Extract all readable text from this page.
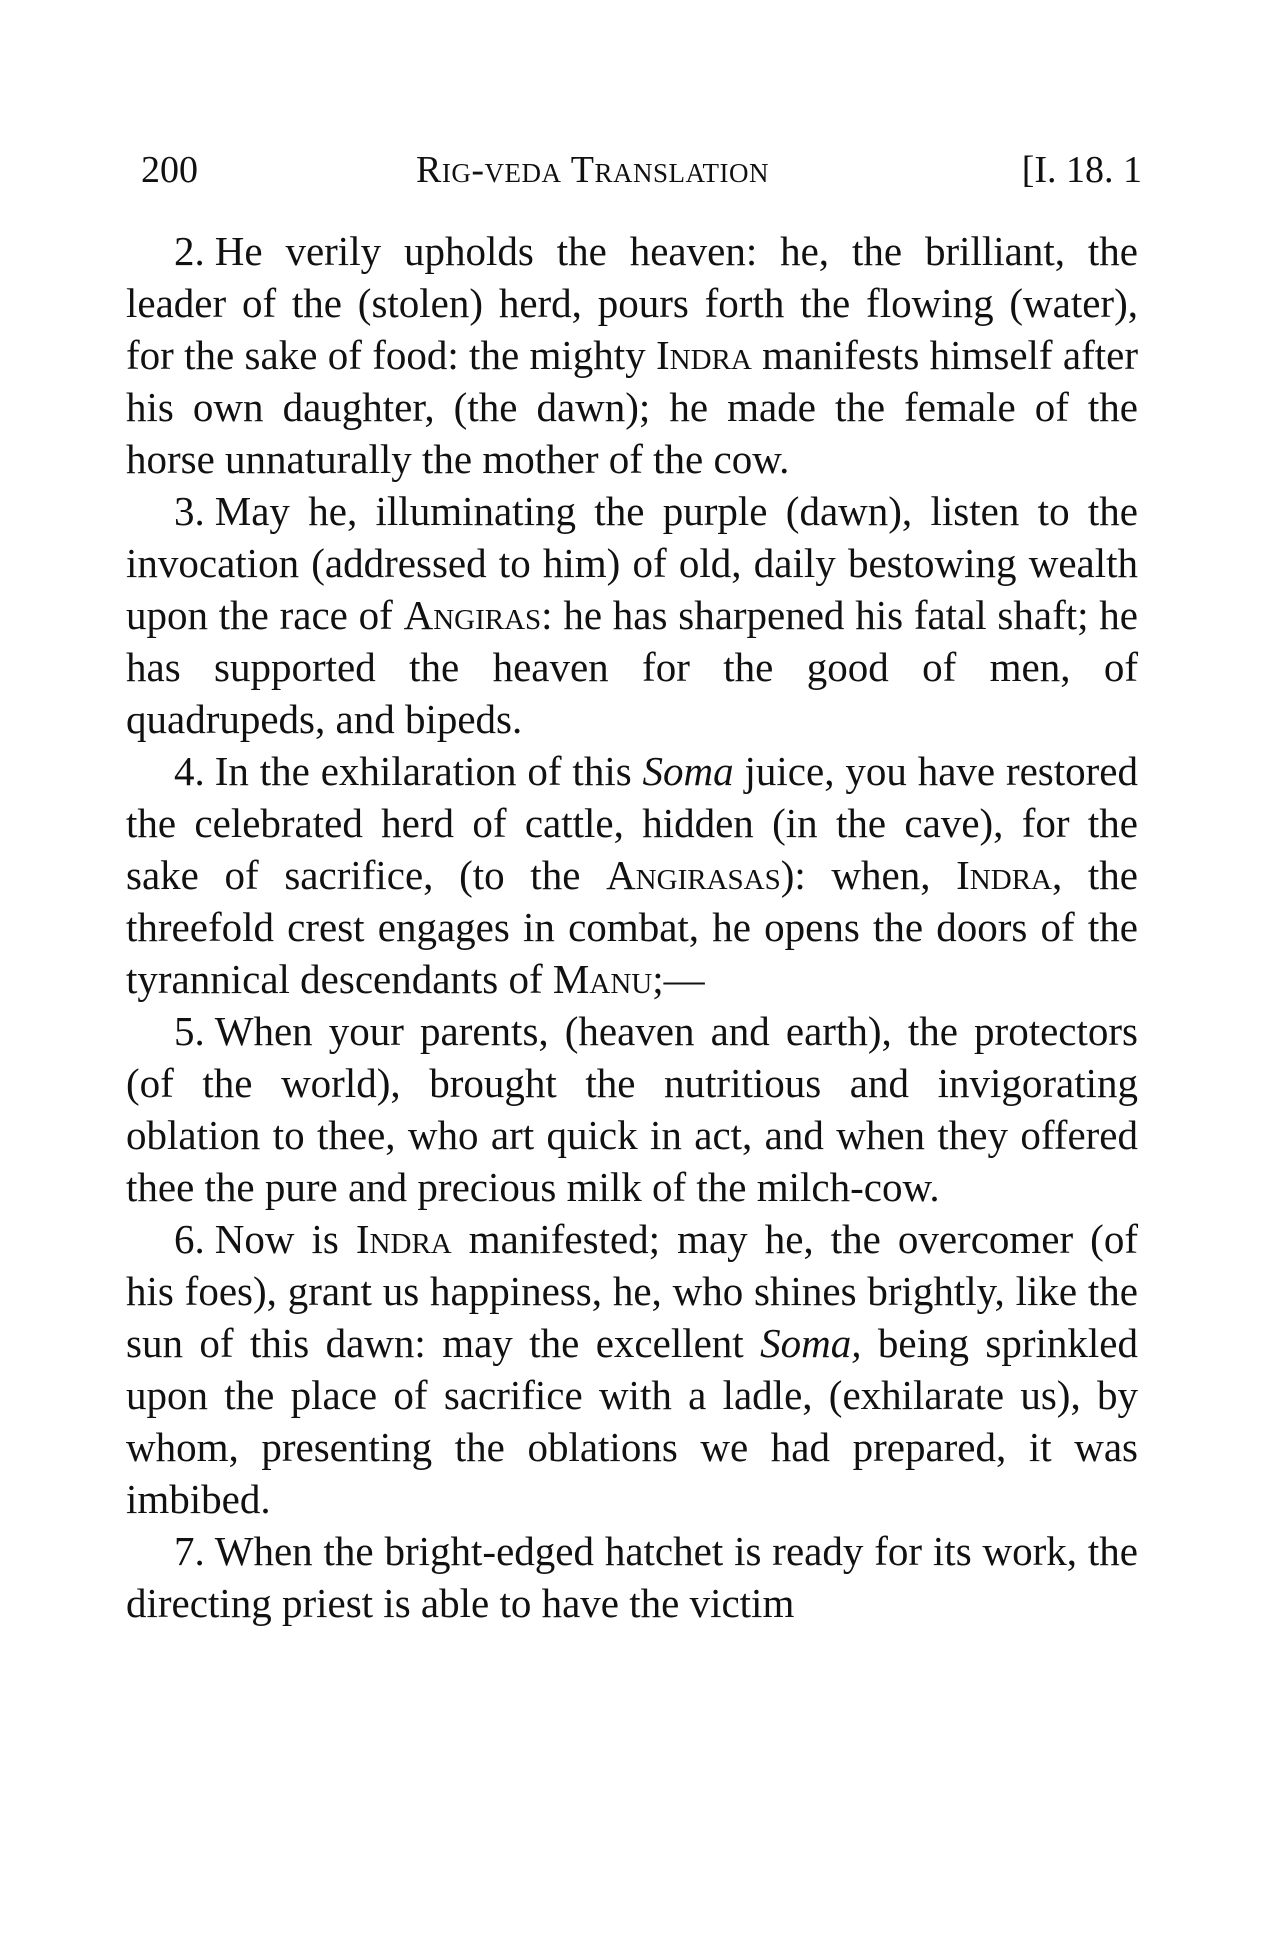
200	Rig-veda Translation	[I. 18. 1

2. He verily upholds the heaven: he, the brilliant, the leader of the (stolen) herd, pours forth the flowing (water), for the sake of food: the mighty Indra manifests himself after his own daughter, (the dawn); he made the female of the horse unnaturally the mother of the cow.

3. May he, illuminating the purple (dawn), listen to the invocation (addressed to him) of old, daily bestowing wealth upon the race of Angiras: he has sharpened his fatal shaft; he has supported the heaven for the good of men, of quadrupeds, and bipeds.

4. In the exhilaration of this Soma juice, you have restored the celebrated herd of cattle, hidden (in the cave), for the sake of sacrifice, (to the Angirasas): when, Indra, the threefold crest engages in combat, he opens the doors of the tyrannical descendants of Manu;—

5. When your parents, (heaven and earth), the protectors (of the world), brought the nutritious and invigorating oblation to thee, who art quick in act, and when they offered thee the pure and precious milk of the milch-cow.

6. Now is Indra manifested; may he, the overcomer (of his foes), grant us happiness, he, who shines brightly, like the sun of this dawn: may the excellent Soma, being sprinkled upon the place of sacrifice with a ladle, (exhilarate us), by whom, presenting the oblations we had prepared, it was imbibed.

7. When the bright-edged hatchet is ready for its work, the directing priest is able to have the victim
